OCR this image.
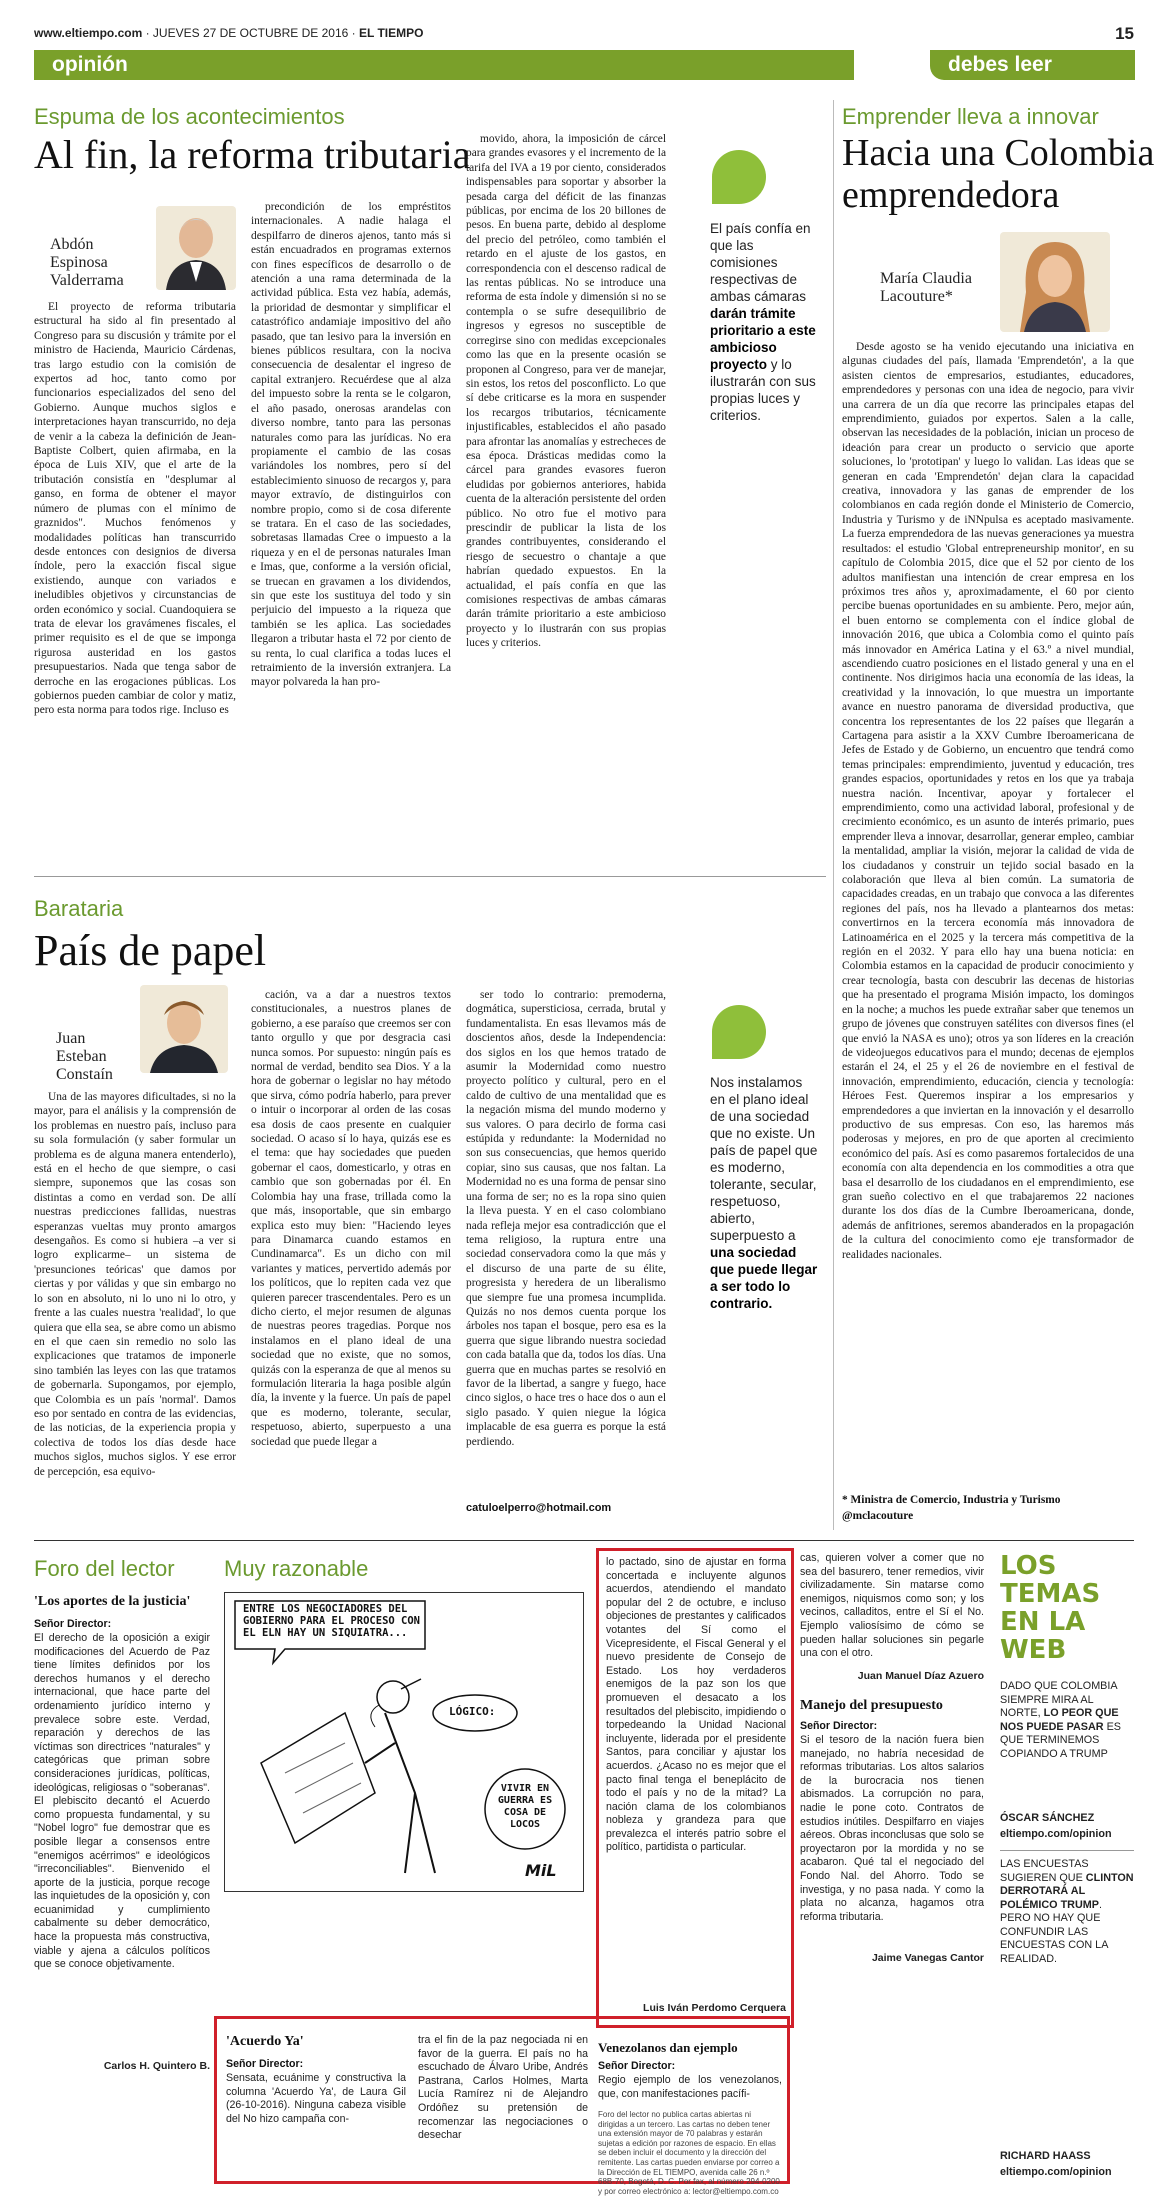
www.eltiempo.com · JUEVES 27 DE OCTUBRE DE 2016 · EL TIEMPO	15
opinión	debes leer
Espuma de los acontecimientos
Al fin, la reforma tributaria
Abdón Espinosa Valderrama

El proyecto de reforma tributaria estructural ha sido al fin presentado al Congreso para su discusión y trámite por el ministro de Hacienda, Mauricio Cárdenas, tras largo estudio con la comisión de expertos ad hoc, tanto como por funcionarios especializados del seno del Gobierno. Aunque muchos siglos e interpretaciones hayan transcurrido, no deja de venir a la cabeza la definición de Jean-Baptiste Colbert, quien afirmaba, en la época de Luis XIV, que el arte de la tributación consistía en "desplumar al ganso, en forma de obtener el mayor número de plumas con el mínimo de graznidos". Muchos fenómenos y modalidades políticas han transcurrido desde entonces con designios de diversa índole, pero la exacción fiscal sigue existiendo, aunque con variados e ineludibles objetivos y circunstancias de orden económico y social. Cuandoquiera se trata de elevar los gravámenes fiscales, el primer requisito es el de que se imponga rigurosa austeridad en los gastos presupuestarios. Nada que tenga sabor de derroche en las erogaciones públicas. Los gobiernos pueden cambiar de color y matiz, pero esta norma para todos rige. Incluso es

precondición de los empréstitos internacionales. A nadie halaga el despilfarro de dineros ajenos, tanto más si están encuadrados en programas externos con fines específicos de desarrollo o de atención a una rama determinada de la actividad pública. Esta vez había, además, la prioridad de desmontar y simplificar el catastrófico andamiaje impositivo del año pasado, que tan lesivo para la inversión en bienes públicos resultara, con la nociva consecuencia de desalentar el ingreso de capital extranjero. Recuérdese que al alza del impuesto sobre la renta se le colgaron, el año pasado, onerosas arandelas con diverso nombre, tanto para las personas naturales como para las jurídicas. No era propiamente el cambio de las cosas variándoles los nombres, pero sí del establecimiento sinuoso de recargos y, para mayor extravío, de distinguirlos con nombre propio, como si de cosa diferente se tratara. En el caso de las sociedades, sobretasas llamadas Cree o impuesto a la riqueza y en el de personas naturales Iman e Imas, que, conforme a la versión oficial, se truecan en gravamen a los dividendos, sin que este los sustituya del todo y sin perjuicio del impuesto a la riqueza que también se les aplica. Las sociedades llegaron a tributar hasta el 72 por ciento de su renta, lo cual clarifica a todas luces el retraimiento de la inversión extranjera. La mayor polvareda la han pro-

movido, ahora, la imposición de cárcel para grandes evasores y el incremento de la tarifa del IVA a 19 por ciento, considerados indispensables para soportar y absorber la pesada carga del déficit de las finanzas públicas, por encima de los 20 billones de pesos. En buena parte, debido al desplome del precio del petróleo, como también el retardo en el ajuste de los gastos, en correspondencia con el descenso radical de las rentas públicas. No se introduce una reforma de esta índole y dimensión si no se contempla o se sufre desequilibrio de ingresos y egresos no susceptible de corregirse sino con medidas excepcionales como las que en la presente ocasión se proponen al Congreso, para ver de manejar, sin estos, los retos del posconflicto. Lo que sí debe criticarse es la mora en suspender los recargos tributarios, técnicamente injustificables, establecidos el año pasado para afrontar las anomalías y estrecheces de esa época. Drásticas medidas como la cárcel para grandes evasores fueron eludidas por gobiernos anteriores, habida cuenta de la alteración persistente del orden público. No otro fue el motivo para prescindir de publicar la lista de los grandes contribuyentes, considerando el riesgo de secuestro o chantaje a que habrían quedado expuestos. En la actualidad, el país confía en que las comisiones respectivas de ambas cámaras darán trámite prioritario a este ambicioso proyecto y lo ilustrarán con sus propias luces y criterios.

El país confía en que las comisiones respectivas de ambas cámaras darán trámite prioritario a este ambicioso proyecto y lo ilustrarán con sus propias luces y criterios.
Emprender lleva a innovar
Hacia una Colombia
emprendedora
María Claudia Lacouture*

Desde agosto se ha venido ejecutando una iniciativa en algunas ciudades del país, llamada 'Emprendetón', a la que asisten cientos de empresarios, estudiantes, educadores, emprendedores y personas con una idea de negocio, para vivir una carrera de un día que recorre las principales etapas del emprendimiento, guiados por expertos. Salen a la calle, observan las necesidades de la población, inician un proceso de ideación para crear un producto o servicio que aporte soluciones, lo 'prototipan' y luego lo validan. Las ideas que se generan en cada 'Emprendetón' dejan clara la capacidad creativa, innovadora y las ganas de emprender de los colombianos en cada región donde el Ministerio de Comercio, Industria y Turismo y de iNNpulsa es aceptado masivamente. La fuerza emprendedora de las nuevas generaciones ya muestra resultados: el estudio 'Global entrepreneurship monitor', en su capítulo de Colombia 2015, dice que el 52 por ciento de los adultos manifiestan una intención de crear empresa en los próximos tres años y, aproximadamente, el 60 por ciento percibe buenas oportunidades en su ambiente. Pero, mejor aún, el buen entorno se complementa con el índice global de innovación 2016, que ubica a Colombia como el quinto país más innovador en América Latina y el 63.º a nivel mundial, ascendiendo cuatro posiciones en el listado general y una en el continente. Nos dirigimos hacia una economía de las ideas, la creatividad y la innovación, lo que muestra un importante avance en nuestro panorama de diversidad productiva, que concentra los representantes de los 22 países que llegarán a Cartagena para asistir a la XXV Cumbre Iberoamericana de Jefes de Estado y de Gobierno, un encuentro que tendrá como temas principales: emprendimiento, juventud y educación, tres grandes espacios, oportunidades y retos en los que ya trabaja nuestra nación. Incentivar, apoyar y fortalecer el emprendimiento, como una actividad laboral, profesional y de crecimiento económico, es un asunto de interés primario, pues emprender lleva a innovar, desarrollar, generar empleo, cambiar la mentalidad, ampliar la visión, mejorar la calidad de vida de los ciudadanos y construir un tejido social basado en la colaboración que lleva al bien común. La sumatoria de capacidades creadas, en un trabajo que convoca a las diferentes regiones del país, nos ha llevado a plantearnos dos metas: convertirnos en la tercera economía más innovadora de Latinoamérica en el 2025 y la tercera más competitiva de la región en el 2032. Y para ello hay una buena noticia: en Colombia estamos en la capacidad de producir conocimiento y crear tecnología, basta con descubrir las decenas de historias que ha presentado el programa Misión impacto, los domingos en la noche; a muchos les puede extrañar saber que tenemos un grupo de jóvenes que construyen satélites con diversos fines (el que envió la NASA es uno); otros ya son líderes en la creación de videojuegos educativos para el mundo; decenas de ejemplos estarán el 24, el 25 y el 26 de noviembre en el festival de innovación, emprendimiento, educación, ciencia y tecnología: Héroes Fest. Queremos inspirar a los empresarios y emprendedores a que inviertan en la innovación y el desarrollo productivo de sus empresas. Con eso, las haremos más poderosas y mejores, en pro de que aporten al crecimiento económico del país. Así es como pasaremos fortalecidos de una economía con alta dependencia en los commodities a otra que basa el desarrollo de los ciudadanos en el emprendimiento, ese gran sueño colectivo en el que trabajaremos 22 naciones durante los dos días de la Cumbre Iberoamericana, donde, además de anfitriones, seremos abanderados en la propagación de la cultura del conocimiento como eje transformador de realidades nacionales.

* Ministra de Comercio, Industria y Turismo
@mclacouture
Barataria
País de papel
Juan Esteban Constaín

Una de las mayores dificultades, si no la mayor, para el análisis y la comprensión de los problemas en nuestro país, incluso para su sola formulación (y saber formular un problema es de alguna manera entenderlo), está en el hecho de que siempre, o casi siempre, suponemos que las cosas son distintas a como en verdad son. De allí nuestras predicciones fallidas, nuestras esperanzas vueltas muy pronto amargos desengaños. Es como si hubiera –a ver si logro explicarme– un sistema de 'presunciones teóricas' que damos por ciertas y por válidas y que sin embargo no lo son en absoluto, ni lo uno ni lo otro, y frente a las cuales nuestra 'realidad', lo que quiera que ella sea, se abre como un abismo en el que caen sin remedio no solo las explicaciones que tratamos de imponerle sino también las leyes con las que tratamos de gobernarla. Supongamos, por ejemplo, que Colombia es un país 'normal'. Damos eso por sentado en contra de las evidencias, de las noticias, de la experiencia propia y colectiva de todos los días desde hace muchos siglos, muchos siglos. Y ese error de percepción, esa equivo-

cación, va a dar a nuestros textos constitucionales, a nuestros planes de gobierno, a ese paraíso que creemos ser con tanto orgullo y que por desgracia casi nunca somos. Por supuesto: ningún país es normal de verdad, bendito sea Dios. Y a la hora de gobernar o legislar no hay método que sirva, cómo podría haberlo, para prever o intuir o incorporar al orden de las cosas esa dosis de caos presente en cualquier sociedad. O acaso sí lo haya, quizás ese es el tema: que hay sociedades que pueden gobernar el caos, domesticarlo, y otras en cambio que son gobernadas por él. En Colombia hay una frase, trillada como la que más, insoportable, que sin embargo explica esto muy bien: "Haciendo leyes para Dinamarca cuando estamos en Cundinamarca". Es un dicho con mil variantes y matices, pervertido además por los políticos, que lo repiten cada vez que quieren parecer trascendentales. Pero es un dicho cierto, el mejor resumen de algunas de nuestras peores tragedias. Porque nos instalamos en el plano ideal de una sociedad que no existe, que no somos, quizás con la esperanza de que al menos su formulación literaria la haga posible algún día, la invente y la fuerce. Un país de papel que es moderno, tolerante, secular, respetuoso, abierto, superpuesto a una sociedad que puede llegar a

ser todo lo contrario: premoderna, dogmática, supersticiosa, cerrada, brutal y fundamentalista. En esas llevamos más de doscientos años, desde la Independencia: dos siglos en los que hemos tratado de asumir la Modernidad como nuestro proyecto político y cultural, pero en el caldo de cultivo de una mentalidad que es la negación misma del mundo moderno y sus valores. O para decirlo de forma casi estúpida y redundante: la Modernidad no son sus consecuencias, que hemos querido copiar, sino sus causas, que nos faltan. La Modernidad no es una forma de pensar sino una forma de ser; no es la ropa sino quien la lleva puesta. Y en el caso colombiano nada refleja mejor esa contradicción que el tema religioso, la ruptura entre una sociedad conservadora como la que más y el discurso de una parte de su élite, progresista y heredera de un liberalismo que siempre fue una promesa incumplida. Quizás no nos demos cuenta porque los árboles nos tapan el bosque, pero esa es la guerra que sigue librando nuestra sociedad con cada batalla que da, todos los días. Una guerra que en muchas partes se resolvió en favor de la libertad, a sangre y fuego, hace cinco siglos, o hace tres o hace dos o aun el siglo pasado. Y quien niegue la lógica implacable de esa guerra es porque la está perdiendo.

catuloelperro@hotmail.com
Nos instalamos en el plano ideal de una sociedad que no existe. Un país de papel que es moderno, tolerante, secular, respetuoso, abierto, superpuesto a una sociedad que puede llegar a ser todo lo contrario.
Foro del lector
'Los aportes de la justicia'
Señor Director:
El derecho de la oposición a exigir modificaciones del Acuerdo de Paz tiene límites definidos por los derechos humanos y el derecho internacional, que hace parte del ordenamiento jurídico interno y prevalece sobre este. Verdad, reparación y derechos de las víctimas son directrices "naturales" y categóricas que priman sobre consideraciones jurídicas, políticas, ideológicas, religiosas o "soberanas". El plebiscito decantó el Acuerdo como propuesta fundamental, y su "Nobel logro" fue demostrar que es posible llegar a consensos entre "enemigos acérrimos" e ideológicos "irreconciliables". Bienvenido el aporte de la justicia, porque recoge las inquietudes de la oposición y, con ecuanimidad y cumplimiento cabalmente su deber democrático, hace la propuesta más constructiva, viable y ajena a cálculos políticos que se conoce objetivamente.
Carlos H. Quintero B.
Muy razonable
ENTRE LOS NEGOCIADORES DEL GOBIERNO PARA EL PROCESO CON EL ELN HAY UN SIQUIATRA...
LÓGICO:
VIVIR EN GUERRA ES COSA DE LOCOS
MiL
'Acuerdo Ya'
Señor Director:
Sensata, ecuánime y constructiva la columna 'Acuerdo Ya', de Laura Gil (26-10-2016). Ninguna cabeza visible del No hizo campaña con-
tra el fin de la paz negociada ni en favor de la guerra. El país no ha escuchado de Álvaro Uribe, Andrés Pastrana, Carlos Holmes, Marta Lucía Ramírez ni de Alejandro Ordóñez su pretensión de recomenzar las negociaciones o desechar
lo pactado, sino de ajustar en forma concertada e incluyente algunos acuerdos, atendiendo el mandato popular del 2 de octubre, e incluso objeciones de prestantes y calificados votantes del Sí como el Vicepresidente, el Fiscal General y el nuevo presidente de Consejo de Estado. Los hoy verdaderos enemigos de la paz son los que promueven el desacato a los resultados del plebiscito, impidiendo o torpedeando la Unidad Nacional incluyente, liderada por el presidente Santos, para conciliar y ajustar los acuerdos. ¿Acaso no es mejor que el pacto final tenga el beneplácito de todo el país y no de la mitad? La nación clama de los colombianos nobleza y grandeza para que prevalezca el interés patrio sobre el político, partidista o particular.
Luis Iván Perdomo Cerquera
Venezolanos dan ejemplo
Señor Director:
Regio ejemplo de los venezolanos, que, con manifestaciones pacífi-
Foro del lector no publica cartas abiertas ni dirigidas a un tercero. Las cartas no deben tener una extensión mayor de 70 palabras y estarán sujetas a edición por razones de espacio. En ellas se deben incluir el documento y la dirección del remitente. Las cartas pueden enviarse por correo a la Dirección de EL TIEMPO, avenida calle 26 n.º 68B-70, Bogotá, D. C. Por fax, al número 294-0200 y por correo electrónico a: lector@eltiempo.com.co
cas, quieren volver a comer que no sea del basurero, tener remedios, vivir civilizadamente. Sin matarse como enemigos, niquismos como son; y los vecinos, calladitos, entre el Sí el No. Ejemplo valiosísimo de cómo se pueden hallar soluciones sin pegarle una con el otro.
Juan Manuel Díaz Azuero
Manejo del presupuesto
Señor Director:
Si el tesoro de la nación fuera bien manejado, no habría necesidad de reformas tributarias. Los altos salarios de la burocracia nos tienen abismados. La corrupción no para, nadie le pone coto. Contratos de estudios inútiles. Despilfarro en viajes aéreos. Obras inconclusas que solo se proyectaron por la mordida y no se acabaron. Qué tal el negociado del Fondo Nal. del Ahorro. Todo se investiga, y no pasa nada. Y como la plata no alcanza, hagamos otra reforma tributaria.
Jaime Vanegas Cantor
LOS
TEMAS
EN LA
WEB
DADO QUE COLOMBIA SIEMPRE MIRA AL NORTE, LO PEOR QUE NOS PUEDE PASAR ES QUE TERMINEMOS COPIANDO A TRUMP
ÓSCAR SÁNCHEZ
eltiempo.com/opinion
LAS ENCUESTAS SUGIEREN QUE CLINTON DERROTARÁ AL POLÉMICO TRUMP. PERO NO HAY QUE CONFUNDIR LAS ENCUESTAS CON LA REALIDAD.
RICHARD HAASS
eltiempo.com/opinion
